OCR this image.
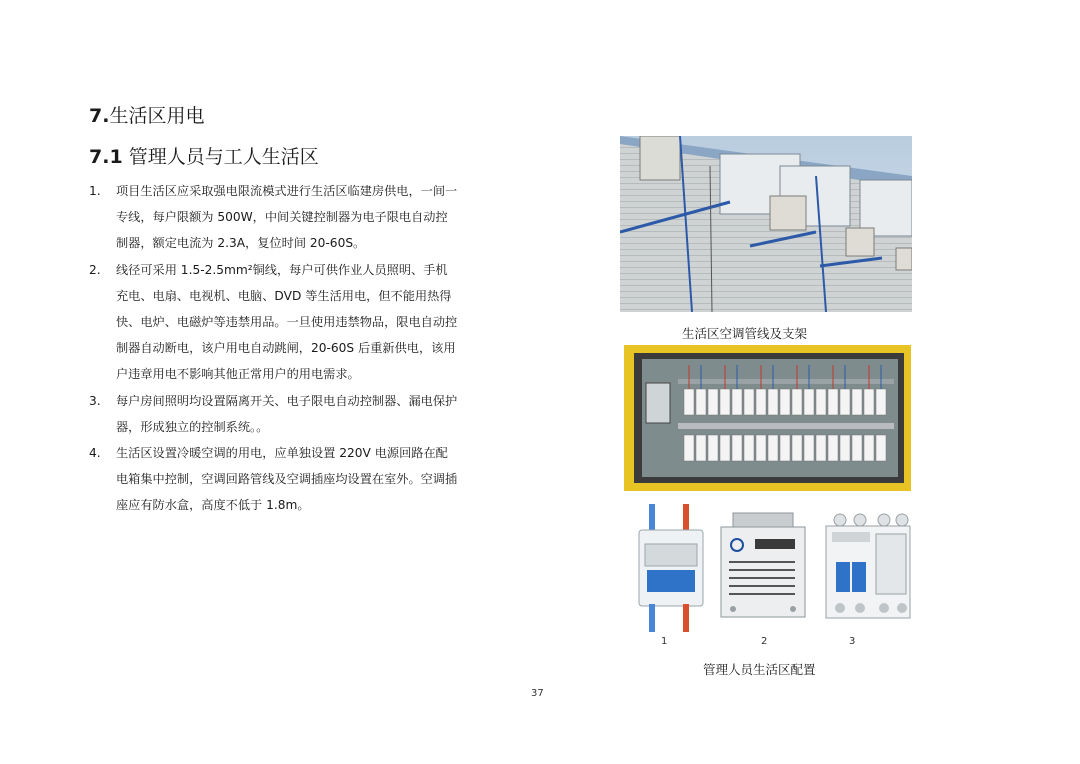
7.生活区用电
7.1 管理人员与工人生活区
1.	项目生活区应采取强电限流模式进行生活区临建房供电，一间一专线，每户限额为 500W，中间关键控制器为电子限电自动控制器，额定电流为 2.3A，复位时间 20-60S。
2.	线径可采用 1.5-2.5mm²铜线，每户可供作业人员照明、手机充电、电扇、电视机、电脑、DVD 等生活用电，但不能用热得快、电炉、电磁炉等违禁用品。一旦使用违禁物品，限电自动控制器自动断电，该户用电自动跳闸，20-60S 后重新供电，该用户违章用电不影响其他正常用户的用电需求。
3.	每户房间照明均设置隔离开关、电子限电自动控制器、漏电保护器，形成独立的控制系统。。
4.	生活区设置冷暖空调的用电，应单独设置 220V 电源回路在配电箱集中控制，空调回路管线及空调插座均设置在室外。空调插座应有防水盒，高度不低于 1.8m。
生活区空调管线及支架
1	2	3
管理人员生活区配置
37
